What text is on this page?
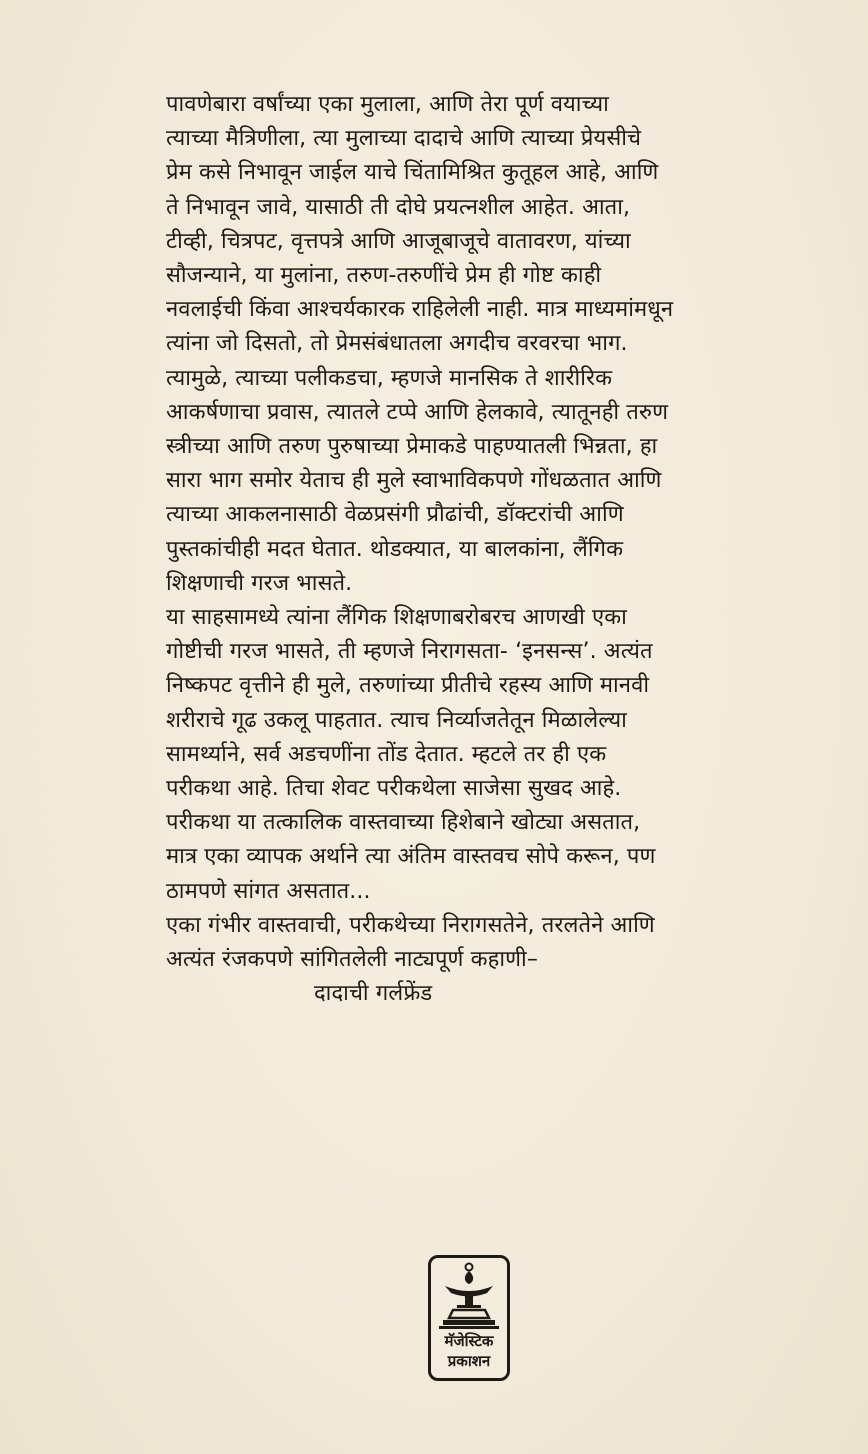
पावणेबारा वर्षांच्या एका मुलाला, आणि तेरा पूर्ण वयाच्या
त्याच्या मैत्रिणीला, त्या मुलाच्या दादाचे आणि त्याच्या प्रेयसीचे
प्रेम कसे निभावून जाईल याचे चिंतामिश्रित कुतूहल आहे, आणि
ते निभावून जावे, यासाठी ती दोघे प्रयत्नशील आहेत. आता,
टीव्ही, चित्रपट, वृत्तपत्रे आणि आजूबाजूचे वातावरण, यांच्या
सौजन्याने, या मुलांना, तरुण-तरुणींचे प्रेम ही गोष्ट काही
नवलाईची किंवा आश्चर्यकारक राहिलेली नाही. मात्र माध्यमांमधून
त्यांना जो दिसतो, तो प्रेमसंबंधातला अगदीच वरवरचा भाग.
त्यामुळे, त्याच्या पलीकडचा, म्हणजे मानसिक ते शारीरिक
आकर्षणाचा प्रवास, त्यातले टप्पे आणि हेलकावे, त्यातूनही तरुण
स्त्रीच्या आणि तरुण पुरुषाच्या प्रेमाकडे पाहण्यातली भिन्नता, हा
सारा भाग समोर येताच ही मुले स्वाभाविकपणे गोंधळतात आणि
त्याच्या आकलनासाठी वेळप्रसंगी प्रौढांची, डॉक्टरांची आणि
पुस्तकांचीही मदत घेतात. थोडक्यात, या बालकांना, लैंगिक
शिक्षणाची गरज भासते.
या साहसामध्ये त्यांना लैंगिक शिक्षणाबरोबरच आणखी एका
गोष्टीची गरज भासते, ती म्हणजे निरागसता- ‘इनसन्स’. अत्यंत
निष्कपट वृत्तीने ही मुले, तरुणांच्या प्रीतीचे रहस्य आणि मानवी
शरीराचे गूढ उकलू पाहतात. त्याच निर्व्याजतेतून मिळालेल्या
सामर्थ्याने, सर्व अडचणींना तोंड देतात. म्हटले तर ही एक
परीकथा आहे. तिचा शेवट परीकथेला साजेसा सुखद आहे.
परीकथा या तत्कालिक वास्तवाच्या हिशेबाने खोट्या असतात,
मात्र एका व्यापक अर्थाने त्या अंतिम वास्तवच सोपे करून, पण
ठामपणे सांगत असतात...
एका गंभीर वास्तवाची, परीकथेच्या निरागसतेने, तरलतेने आणि
अत्यंत रंजकपणे सांगितलेली नाट्यपूर्ण कहाणी–
दादाची गर्लफ्रेंड
मॅजेस्टिक
प्रकाशन
